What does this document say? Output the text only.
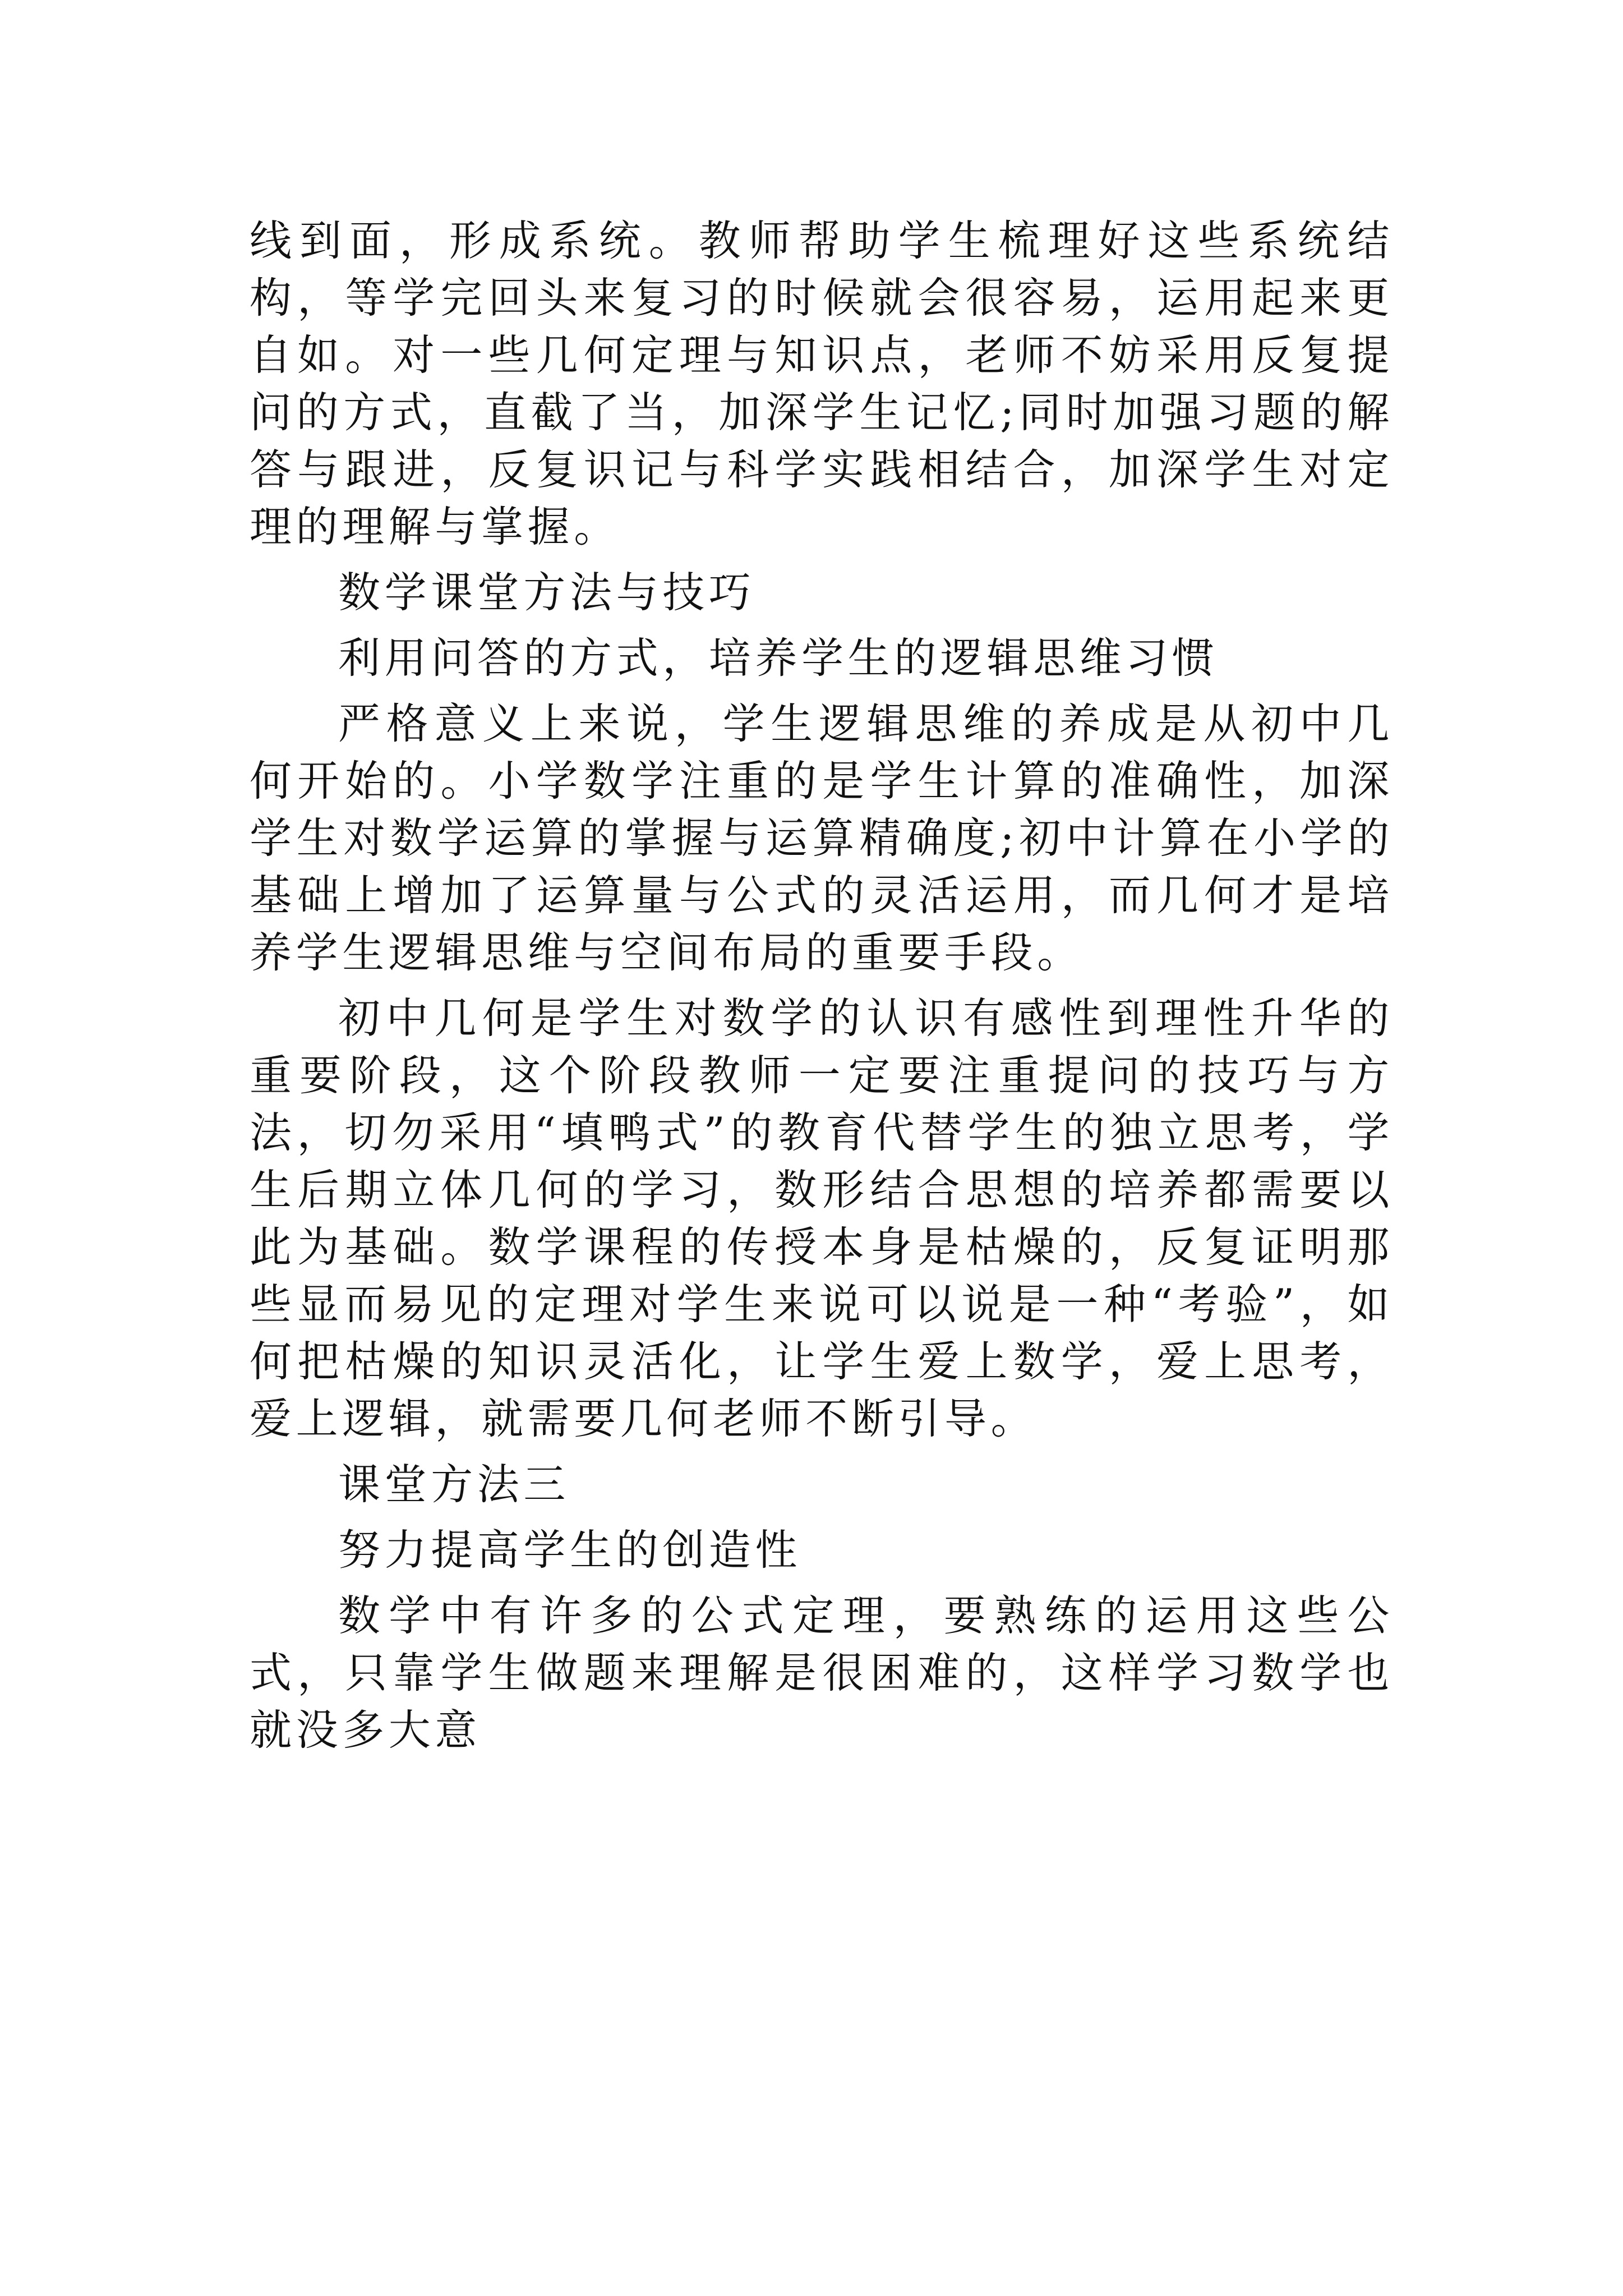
线到面，形成系统。教师帮助学生梳理好这些系统结构，等学完回头来复习的时候就会很容易，运用起来更自如。对一些几何定理与知识点，老师不妨采用反复提问的方式，直截了当，加深学生记忆;同时加强习题的解答与跟进，反复识记与科学实践相结合，加深学生对定理的理解与掌握。

数学课堂方法与技巧

利用问答的方式，培养学生的逻辑思维习惯

严格意义上来说，学生逻辑思维的养成是从初中几何开始的。小学数学注重的是学生计算的准确性，加深学生对数学运算的掌握与运算精确度;初中计算在小学的基础上增加了运算量与公式的灵活运用，而几何才是培养学生逻辑思维与空间布局的重要手段。

初中几何是学生对数学的认识有感性到理性升华的重要阶段，这个阶段教师一定要注重提问的技巧与方法，切勿采用“填鸭式”的教育代替学生的独立思考，学生后期立体几何的学习，数形结合思想的培养都需要以此为基础。数学课程的传授本身是枯燥的，反复证明那些显而易见的定理对学生来说可以说是一种“考验”，如何把枯燥的知识灵活化，让学生爱上数学，爱上思考，爱上逻辑，就需要几何老师不断引导。

课堂方法三

努力提高学生的创造性

数学中有许多的公式定理，要熟练的运用这些公式，只靠学生做题来理解是很困难的，这样学习数学也就没多大意
